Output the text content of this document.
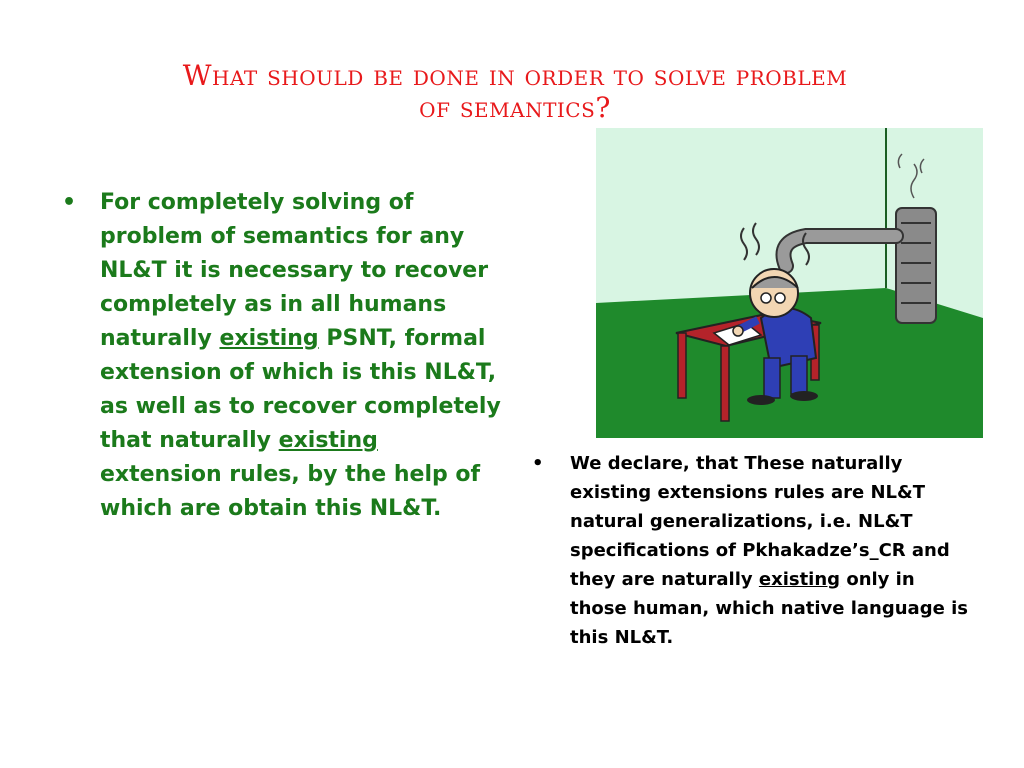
What should be done in order to solve problem
of semantics?
•	For completely solving of problem of semantics for any NL&T it is necessary to recover completely as in all humans naturally existing PSNT, formal extension of which is this NL&T, as well as to recover completely that naturally existing extension rules, by the help of which are obtain this NL&T.
•	We declare, that These naturally existing extensions rules are NL&T natural generalizations, i.e. NL&T specifications of Pkhakadze’s_CR and they are naturally existing only in those human, which native language is this NL&T.
